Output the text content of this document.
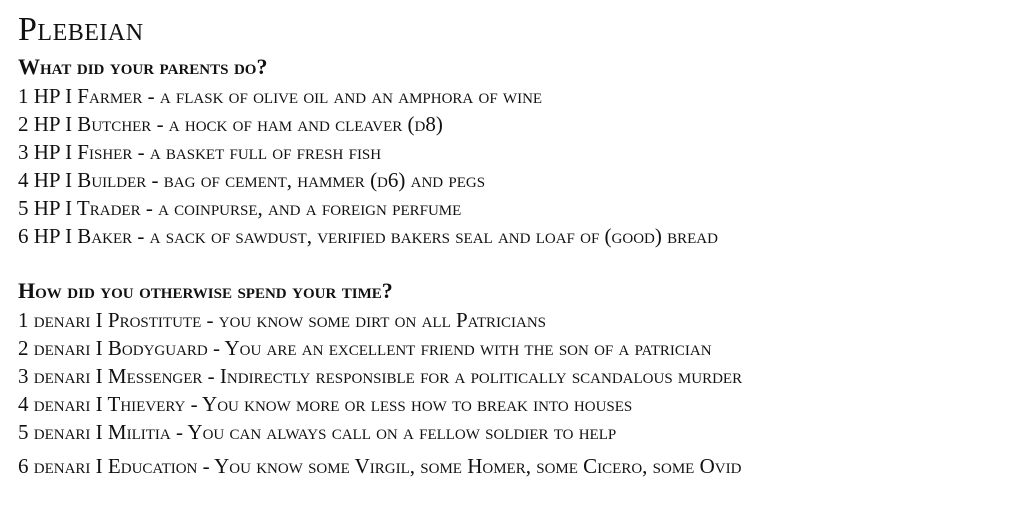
Plebeian
What did your parents do?
1 HP I Farmer - a flask of olive oil and an amphora of wine
2 HP I Butcher - a hock of ham and cleaver (d8)
3 HP I Fisher - a basket full of fresh fish
4 HP I Builder - bag of cement, hammer (d6) and pegs
5 HP I Trader - a coinpurse, and a foreign perfume
6 HP I Baker - a sack of sawdust, verified bakers seal and loaf of (good) bread
How did you otherwise spend your time?
1 denari I Prostitute - you know some dirt on all Patricians
2 denari I Bodyguard - You are an excellent friend with the son of a patrician
3 denari I Messenger - Indirectly responsible for a politically scandalous murder
4 denari I Thievery - You know more or less how to break into houses
5 denari I Militia - You can always call on a fellow soldier to help
6 denari I Education - You know some Virgil, some Homer, some Cicero, some Ovid
